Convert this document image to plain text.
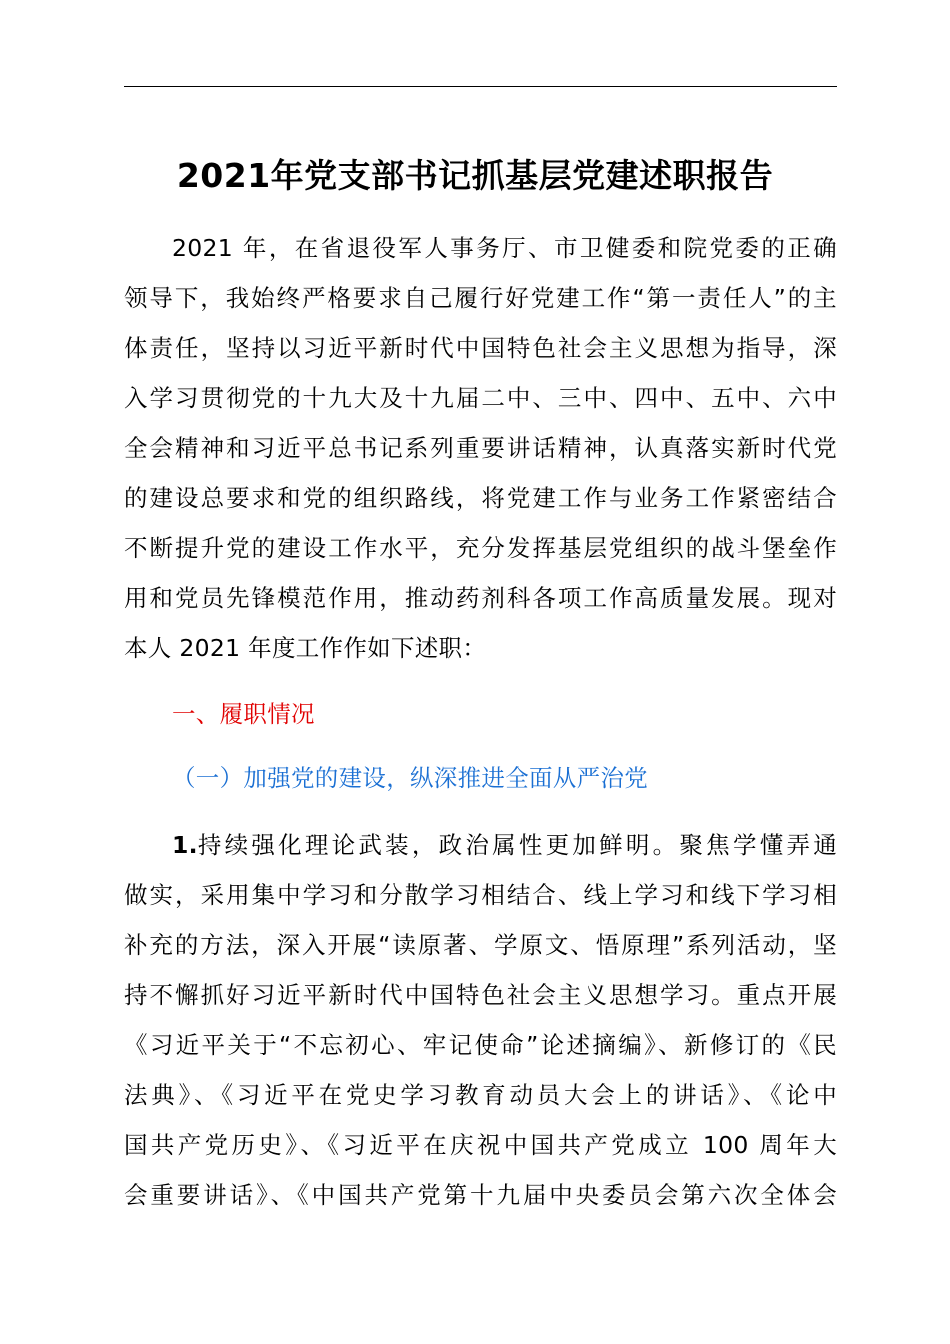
2021年党支部书记抓基层党建述职报告
2021 年，在省退役军人事务厅、市卫健委和院党委的正确
领导下，我始终严格要求自己履行好党建工作“第一责任人”的主
体责任，坚持以习近平新时代中国特色社会主义思想为指导，深
入学习贯彻党的十九大及十九届二中、三中、四中、五中、六中
全会精神和习近平总书记系列重要讲话精神，认真落实新时代党
的建设总要求和党的组织路线，将党建工作与业务工作紧密结合
不断提升党的建设工作水平，充分发挥基层党组织的战斗堡垒作
用和党员先锋模范作用，推动药剂科各项工作高质量发展。现对
本人 2021 年度工作作如下述职：
一、履职情况
（一）加强党的建设，纵深推进全面从严治党
1. 持续强化理论武装，政治属性更加鲜明。聚焦学懂弄通
做实，采用集中学习和分散学习相结合、线上学习和线下学习相
补充的方法，深入开展“读原著、学原文、悟原理”系列活动，坚
持不懈抓好习近平新时代中国特色社会主义思想学习。重点开展
《习近平关于“不忘初心、牢记使命”论述摘编》、新修订的《民
法典》、《习近平在党史学习教育动员大会上的讲话》、《论中
国共产党历史》、《习近平在庆祝中国共产党成立 100 周年大
会重要讲话》、《中国共产党第十九届中央委员会第六次全体会
